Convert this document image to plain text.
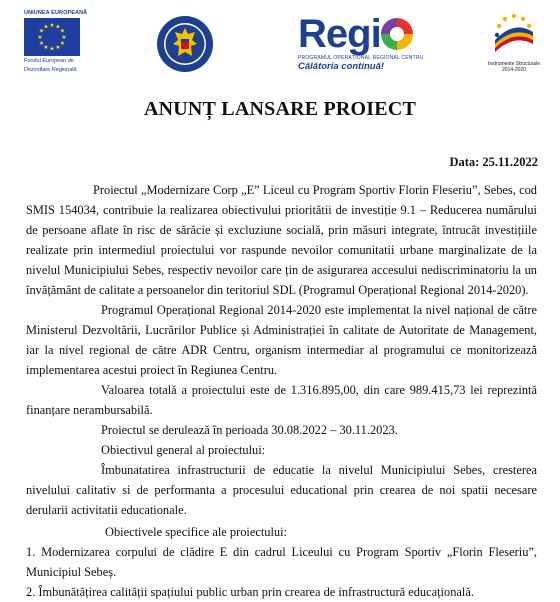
UNIUNEA EUROPEANĂ
★ ★
★
★
★
★
★
★
★
★
★
★
Fondul European de
Dezvoltare Regională
Regi
PROGRAMUL OPERAȚIONAL REGIONAL CENTRU
Călătoria continuă!	Instrumente Structurale
2014-2020
ANUNȚ LANSARE PROIECT
Data: 25.11.2022

Proiectul „Modernizare Corp „E” Liceul cu Program Sportiv Florin Fleseriu”, Sebes, cod SMIS 154034, contribuie la realizarea obiectivului prioritătii de investiție 9.1 – Reducerea numărului de persoane aflate în risc de sărăcie și excluziune socială, prin măsuri integrate, întrucât investițiile realizate prin intermediul proiectului vor raspunde nevoilor comunitatii urbane marginalizate de la nivelul Municipiului Sebes, respectiv nevoilor care țin de asigurarea accesului nediscriminatoriu la un învățământ de calitate a persoanelor din teritoriul SDL (Programul Operațional Regional 2014-2020).

Programul Operațional Regional 2014-2020 este implementat la nivel național de către Ministerul Dezvoltării, Lucrărilor Publice și Administrației în calitate de Autoritate de Management, iar la nivel regional de către ADR Centru, organism intermediar al programului ce monitorizează implementarea acestui proiect în Regiunea Centru.

Valoarea totală a proiectului este de 1.316.895,00, din care 989.415,73 lei reprezintă finanțare nerambursabilă.

Proiectul se derulează în perioada 30.08.2022 – 30.11.2023.

Obiectivul general al proiectului:

Îmbunatatirea infrastructurii de educatie la nivelul Municipiului Sebes, cresterea nivelului calitativ si de performanta a procesului educational prin crearea de noi spatii necesare derularii activitatii educationale.

Obiectivele specifice ale proiectului:

1. Modernizarea corpului de clădire E din cadrul Liceului cu Program Sportiv „Florin Fleseriu”, Municipiul Sebeș.

2. Îmbunătățirea calității spațiului public urban prin crearea de infrastructură educațională.
